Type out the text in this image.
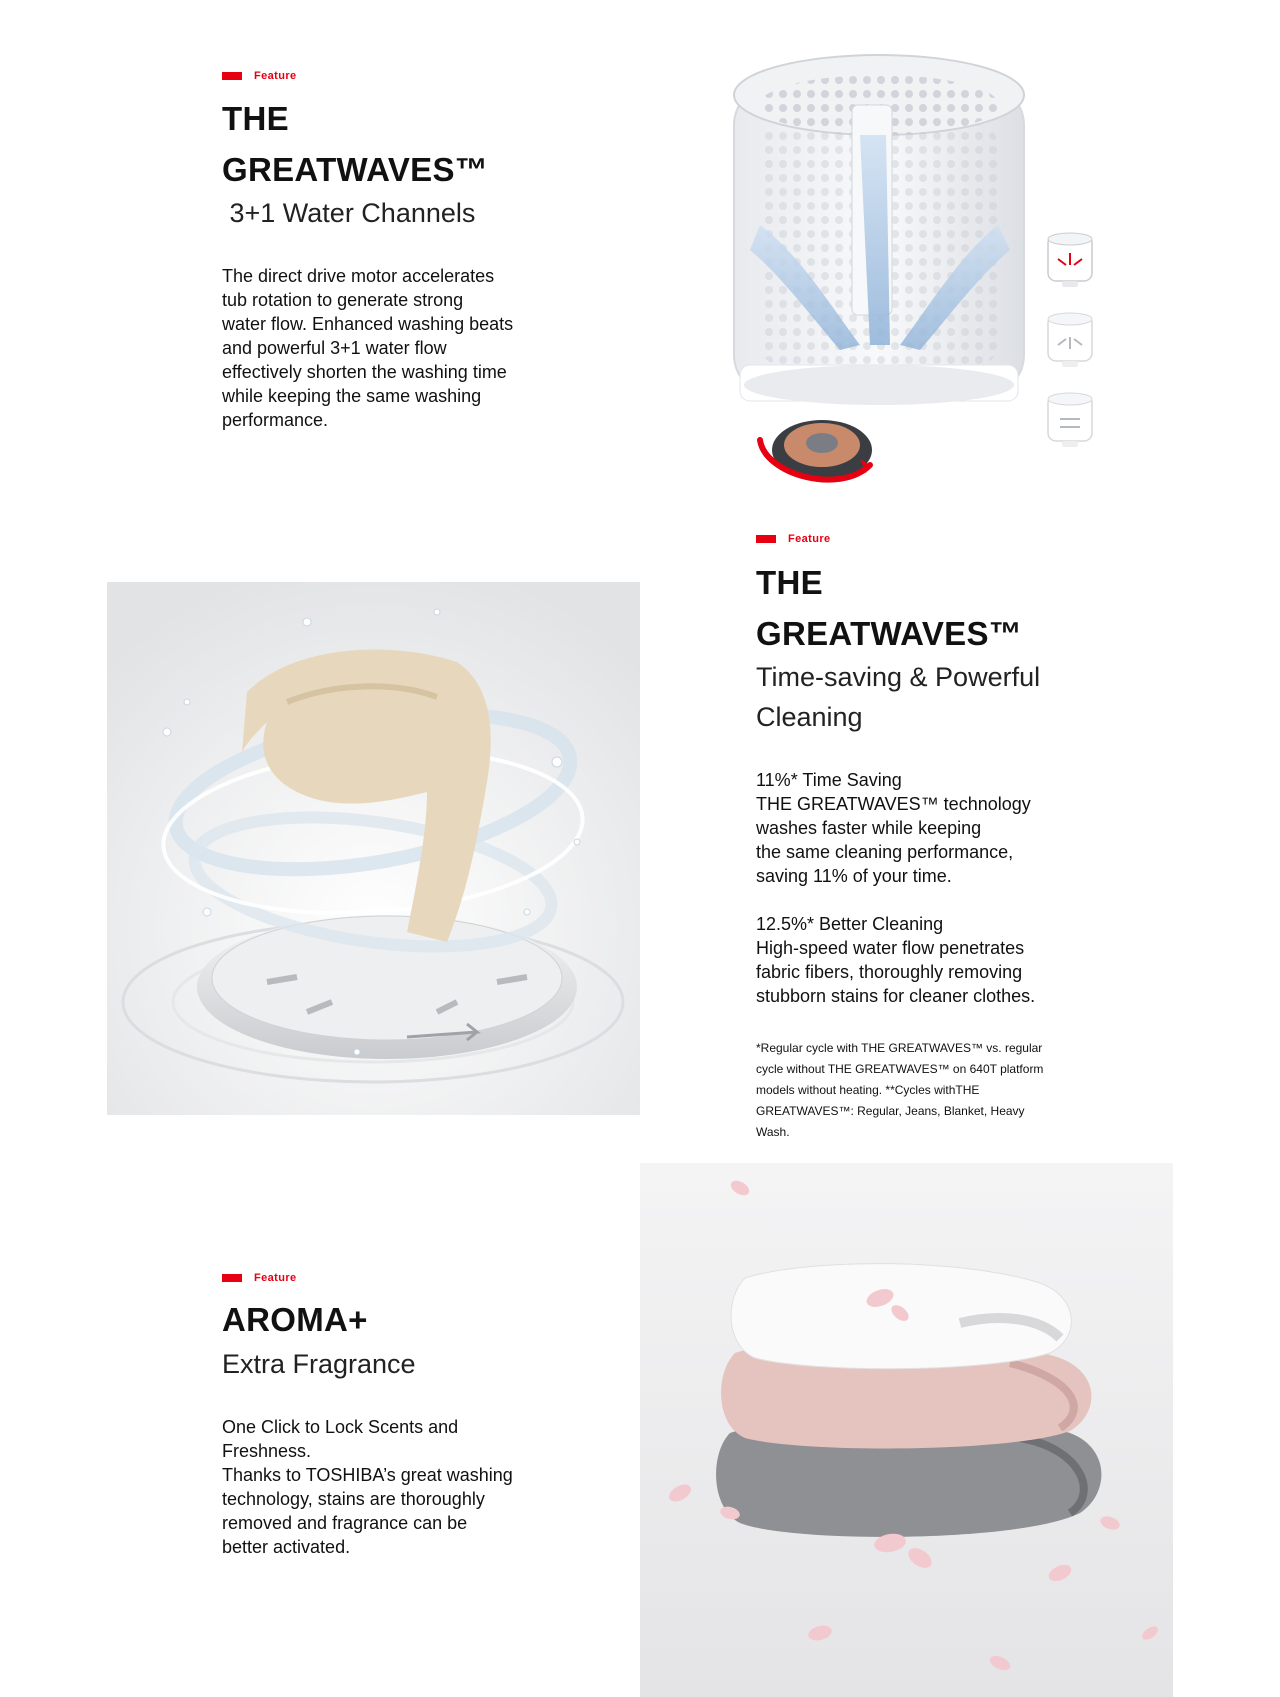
Feature
THE
GREATWAVES™
3+1 Water Channels
The direct drive motor accelerates
tub rotation to generate strong
water flow. Enhanced washing beats
and powerful 3+1 water flow
effectively shorten the washing time
while keeping the same washing
performance.
Feature
THE
GREATWAVES™
Time-saving & Powerful
Cleaning
11%* Time Saving
THE GREATWAVES™ technology
washes faster while keeping
the same cleaning performance,
saving 11% of your time.
12.5%* Better Cleaning
High-speed water flow penetrates
fabric fibers, thoroughly removing
stubborn stains for cleaner clothes.
*Regular cycle with THE GREATWAVES™ vs. regular
cycle without THE GREATWAVES™ on 640T platform
models without heating. **Cycles withTHE
GREATWAVES™: Regular, Jeans, Blanket, Heavy
Wash.
Feature
AROMA+
Extra Fragrance
One Click to Lock Scents and
Freshness.
Thanks to TOSHIBA’s great washing
technology, stains are thoroughly
removed and fragrance can be
better activated.
